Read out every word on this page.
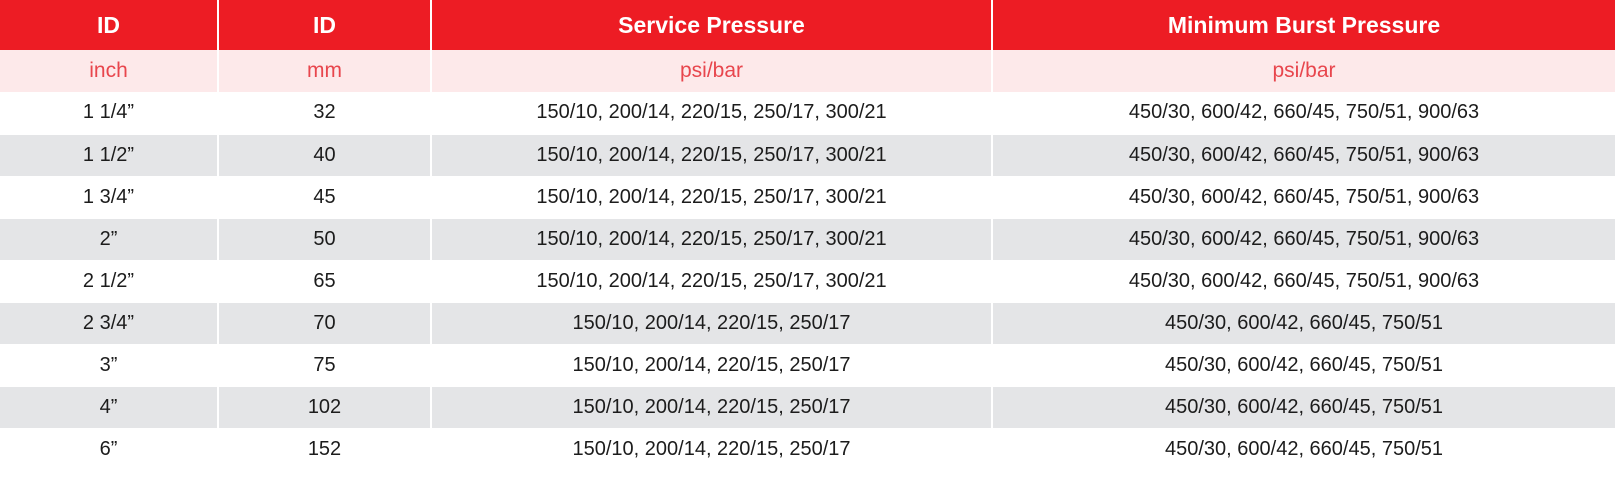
ID	ID	Service Pressure	Minimum Burst Pressure
inch	mm	psi/bar	psi/bar
1 1/4”	32	150/10, 200/14, 220/15, 250/17, 300/21	450/30, 600/42, 660/45, 750/51, 900/63
1 1/2”	40	150/10, 200/14, 220/15, 250/17, 300/21	450/30, 600/42, 660/45, 750/51, 900/63
1 3/4”	45	150/10, 200/14, 220/15, 250/17, 300/21	450/30, 600/42, 660/45, 750/51, 900/63
2”	50	150/10, 200/14, 220/15, 250/17, 300/21	450/30, 600/42, 660/45, 750/51, 900/63
2 1/2”	65	150/10, 200/14, 220/15, 250/17, 300/21	450/30, 600/42, 660/45, 750/51, 900/63
2 3/4”	70	150/10, 200/14, 220/15, 250/17	450/30, 600/42, 660/45, 750/51
3”	75	150/10, 200/14, 220/15, 250/17	450/30, 600/42, 660/45, 750/51
4”	102	150/10, 200/14, 220/15, 250/17	450/30, 600/42, 660/45, 750/51
6”	152	150/10, 200/14, 220/15, 250/17	450/30, 600/42, 660/45, 750/51
